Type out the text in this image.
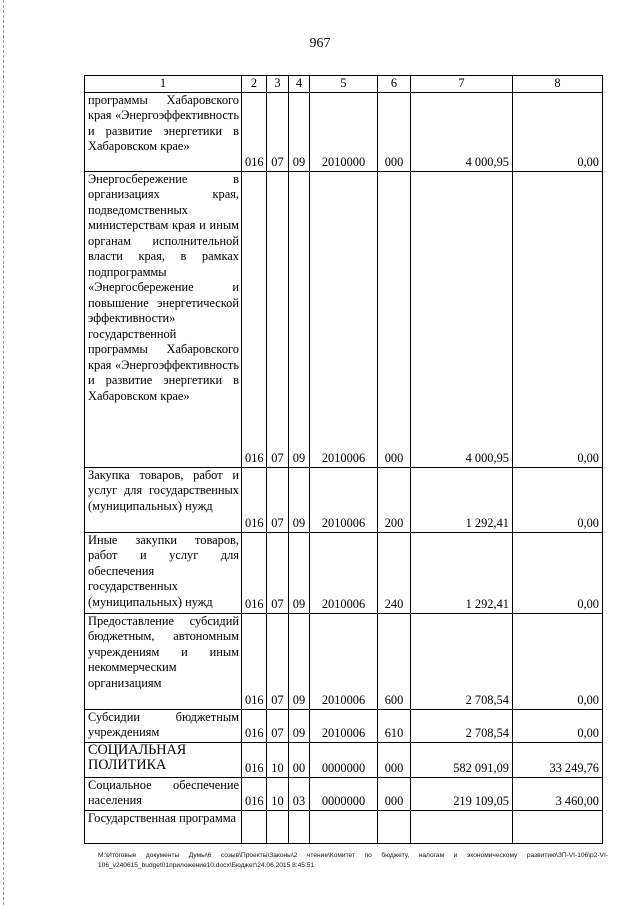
967
1	2	3	4	5	6	7	8
программы Хабаровского края «Энергоэффективность и развитие энергетики в Хабаровском крае»	016	07	09	2010000	000	4 000,95	0,00
Энергосбережение в организациях края, подведомственных министерствам края и иным органам исполнительной власти края, в рамках подпрограммы «Энергосбережение и повышение энергетической эффективности» государственной программы Хабаровского края «Энергоэффективность и развитие энергетики в Хабаровском крае»	016	07	09	2010006	000	4 000,95	0,00
Закупка товаров, работ и услуг для государственных (муниципальных) нужд	016	07	09	2010006	200	1 292,41	0,00
Иные закупки товаров, работ и услуг для обеспечения государственных (муниципальных) нужд	016	07	09	2010006	240	1 292,41	0,00
Предоставление субсидий бюджетным, автономным учреждениям и иным некоммерческим организациям	016	07	09	2010006	600	2 708,54	0,00
Субсидии бюджетным учреждениям	016	07	09	2010006	610	2 708,54	0,00
СОЦИАЛЬНАЯ ПОЛИТИКА	016	10	00	0000000	000	582 091,09	33 249,76
Социальное обеспечение населения	016	10	03	0000000	000	219 109,05	3 460,00
Государственная программа							
М:\Итоговые документы Думы\6 созыв\Проекты\Законы\2 чтение\Комитет по бюджету, налогам и экономическому развитию\ЗП-VI-106\р2-VI-106_v240615_budget01приложение10.docx\Бюджет\24.06.2015 8:45:51
